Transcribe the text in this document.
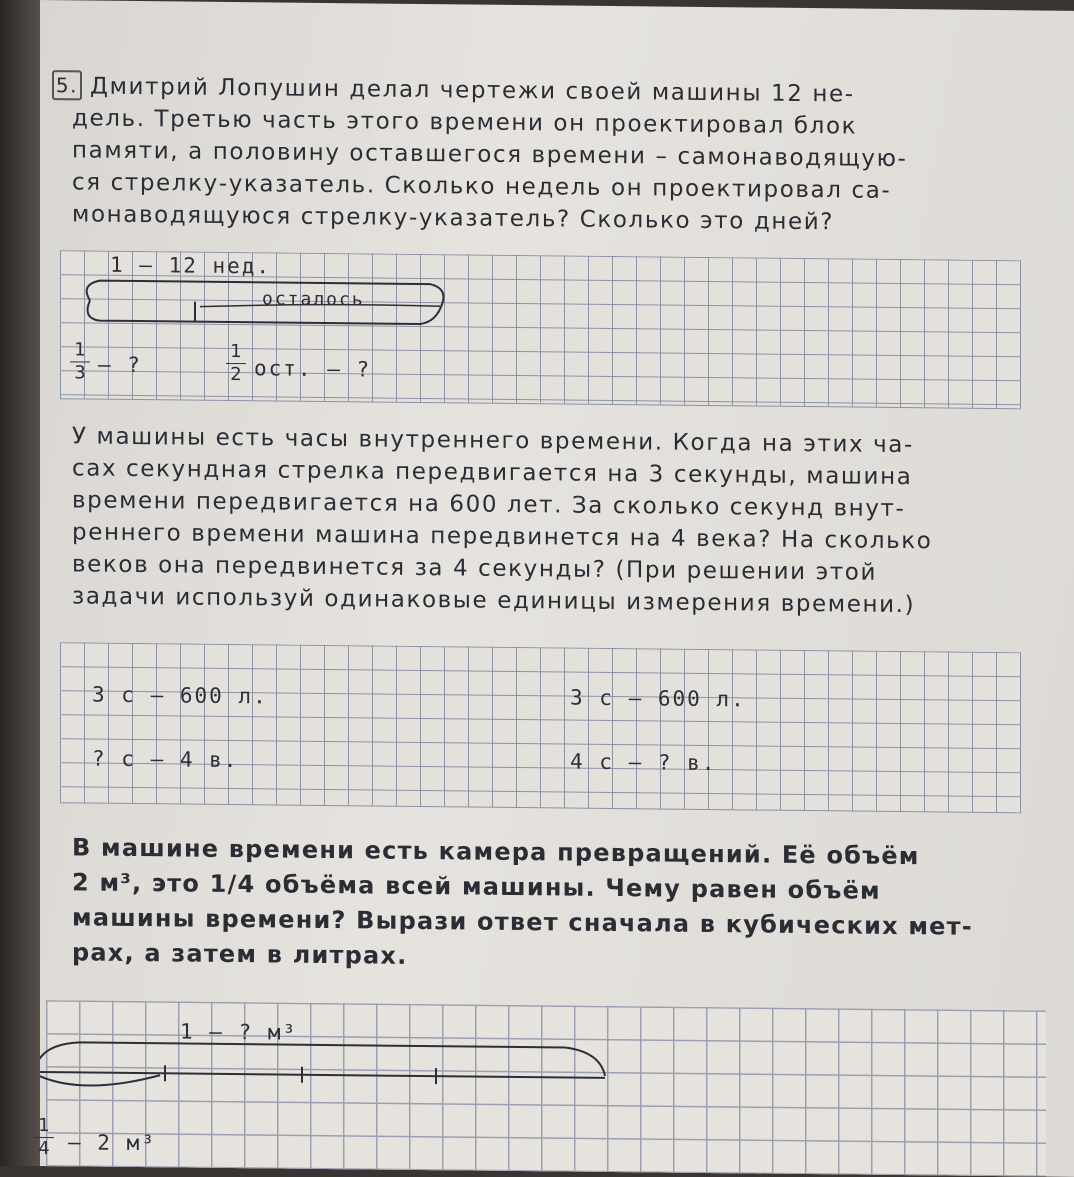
5. Дмитрий Лопушин делал чертежи своей машины 12 не-
дель. Третью часть этого времени он проектировал блок
памяти, а половину оставшегося времени – самонаводящую-
ся стрелку-указатель. Сколько недель он проектировал са-
монаводящуюся стрелку-указатель? Сколько это дней?
1 – 12 нед.
осталось
1
3 – ?
1
2 ост. – ?
У машины есть часы внутреннего времени. Когда на этих ча-
сах секундная стрелка передвигается на 3 секунды, машина
времени передвигается на 600 лет. За сколько секунд внут-
реннего времени машина передвинется на 4 века? На сколько
веков она передвинется за 4 секунды? (При решении этой
задачи используй одинаковые единицы измерения времени.)
3 с – 600 л.
? с – 4 в.
3 с – 600 л.
4 с – ? в.
В машине времени есть камера превращений. Её объём
2 м³, это 1/4 объёма всей машины. Чему равен объём
машины времени? Вырази ответ сначала в кубических мет-
рах, а затем в литрах.
1 – ? м³
1
4 – 2 м³
